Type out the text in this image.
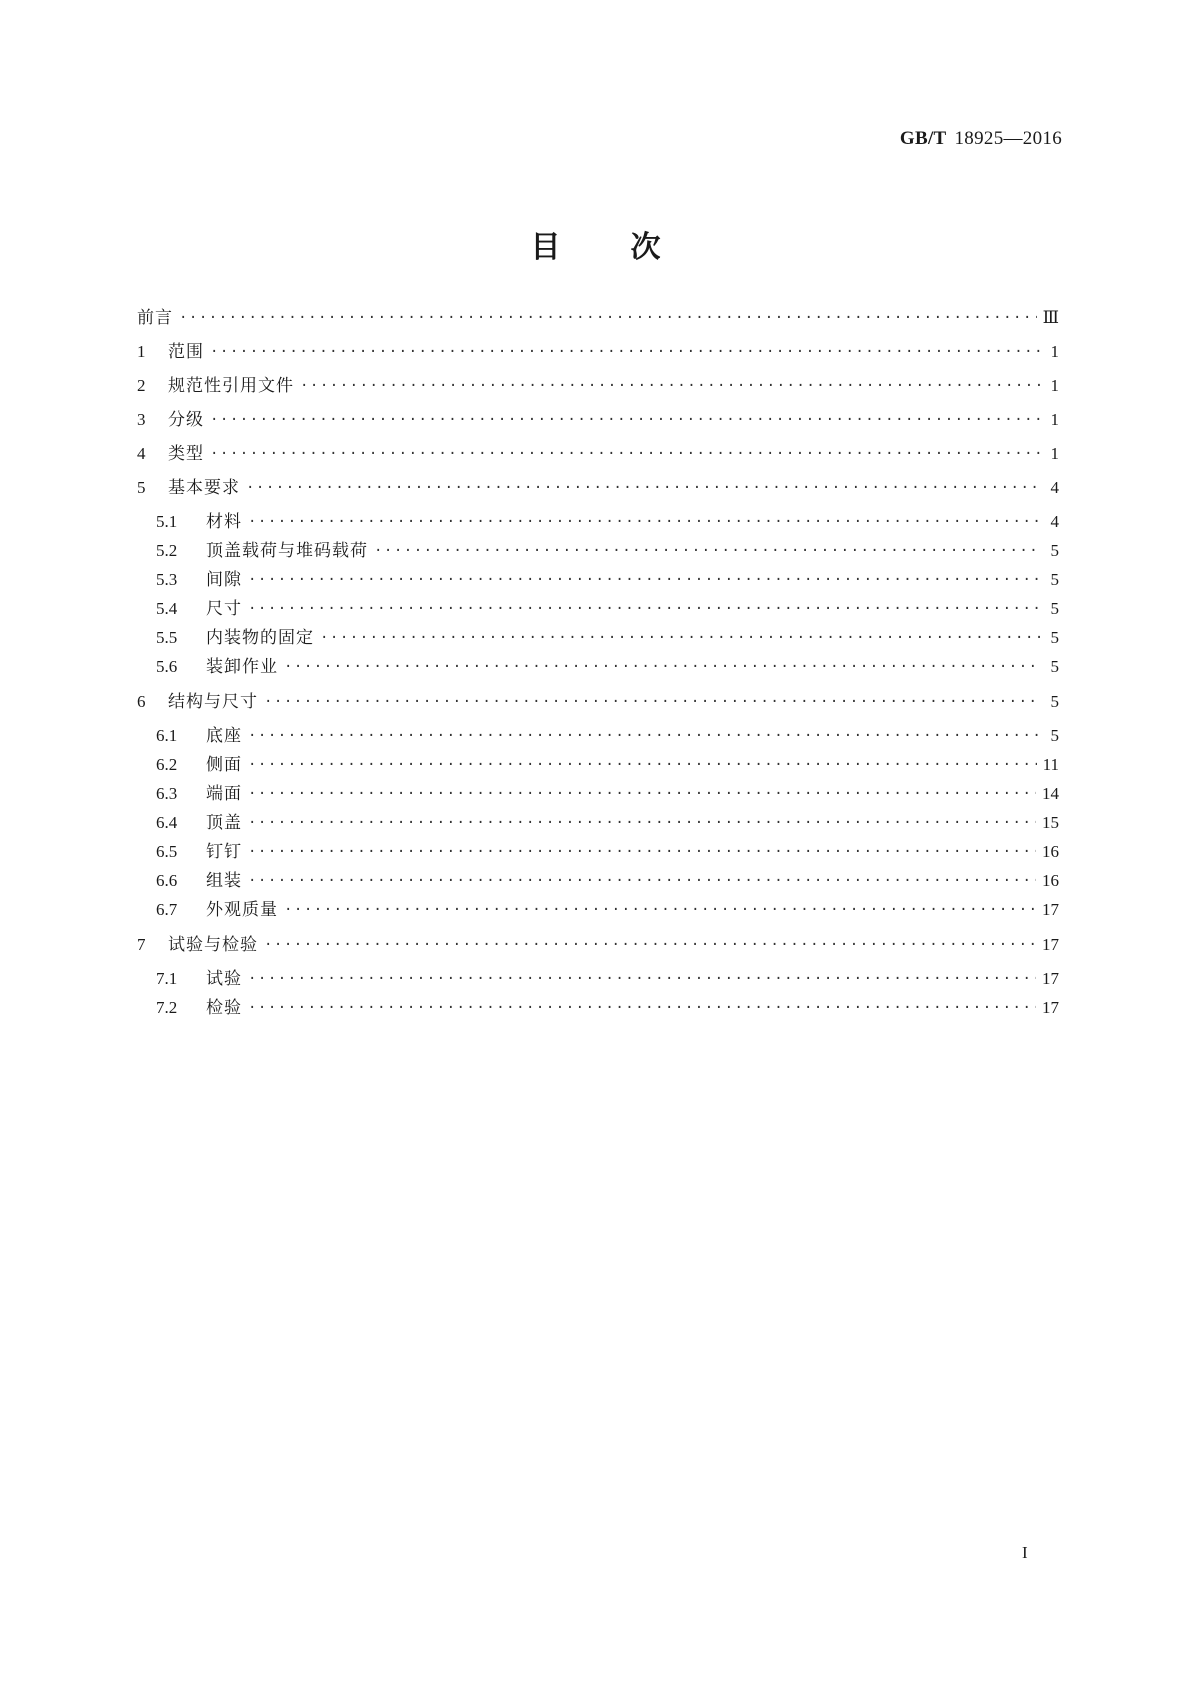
GB/T 18925—2016
目次
前言 ·····	Ⅲ
1	范围 ·····	1
2	规范性引用文件 ·····	1
3	分级 ·····	1
4	类型 ·····	1
5	基本要求 ·····	4
5.1	材料 ·····	4
5.2	顶盖载荷与堆码载荷 ·····	5
5.3	间隙 ·····	5
5.4	尺寸 ·····	5
5.5	内装物的固定 ·····	5
5.6	装卸作业 ·····	5
6	结构与尺寸 ·····	5
6.1	底座 ·····	5
6.2	侧面 ·····	11
6.3	端面 ·····	14
6.4	顶盖 ·····	15
6.5	钉钉 ·····	16
6.6	组装 ·····	16
6.7	外观质量 ·····	17
7	试验与检验 ·····	17
7.1	试验 ·····	17
7.2	检验 ·····	17
I
